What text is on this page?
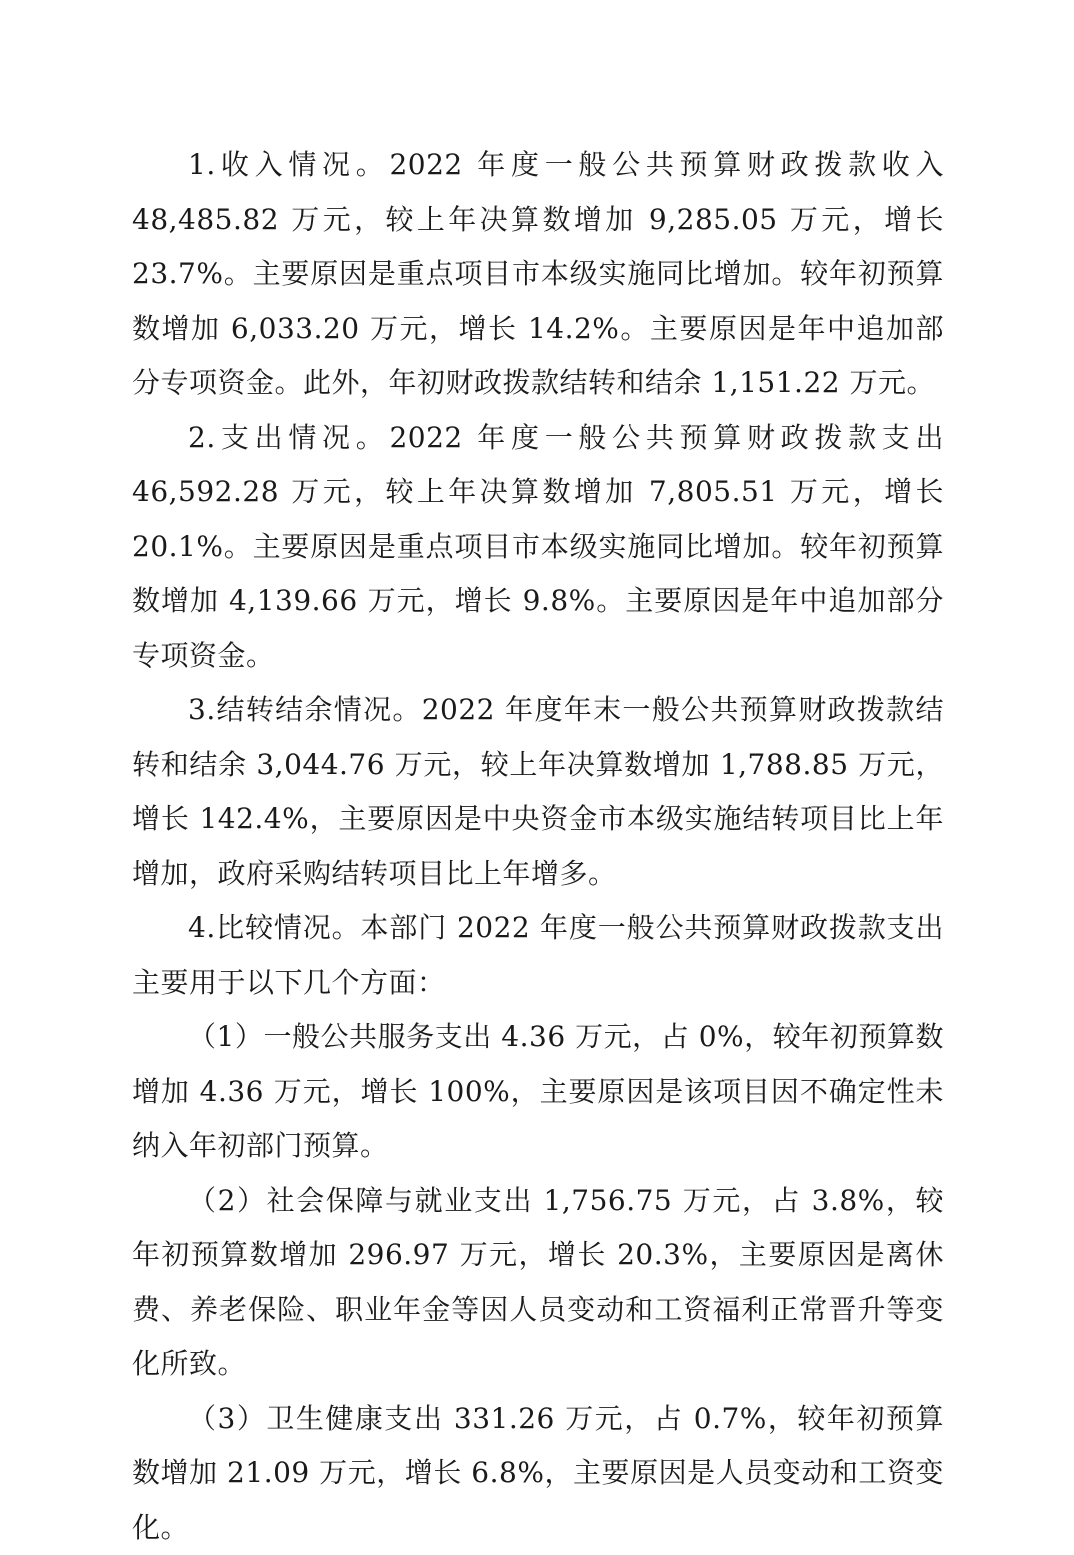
1.收入情况。2022 年度一般公共预算财政拨款收入 48,485.82 万元，较上年决算数增加 9,285.05 万元，增长 23.7%。主要原因是重点项目市本级实施同比增加。较年初预算数增加 6,033.20 万元，增长 14.2%。主要原因是年中追加部分专项资金。此外，年初财政拨款结转和结余 1,151.22 万元。

2.支出情况。2022 年度一般公共预算财政拨款支出 46,592.28 万元，较上年决算数增加 7,805.51 万元，增长 20.1%。主要原因是重点项目市本级实施同比增加。较年初预算数增加 4,139.66 万元，增长 9.8%。主要原因是年中追加部分专项资金。

3.结转结余情况。2022 年度年末一般公共预算财政拨款结转和结余 3,044.76 万元，较上年决算数增加 1,788.85 万元，增长 142.4%，主要原因是中央资金市本级实施结转项目比上年增加，政府采购结转项目比上年增多。

4.比较情况。本部门 2022 年度一般公共预算财政拨款支出主要用于以下几个方面：

（1）一般公共服务支出 4.36 万元，占 0%，较年初预算数增加 4.36 万元，增长 100%，主要原因是该项目因不确定性未纳入年初部门预算。

（2）社会保障与就业支出 1,756.75 万元，占 3.8%，较年初预算数增加 296.97 万元，增长 20.3%，主要原因是离休费、养老保险、职业年金等因人员变动和工资福利正常晋升等变化所致。

（3）卫生健康支出 331.26 万元，占 0.7%，较年初预算数增加 21.09 万元，增长 6.8%，主要原因是人员变动和工资变化。
